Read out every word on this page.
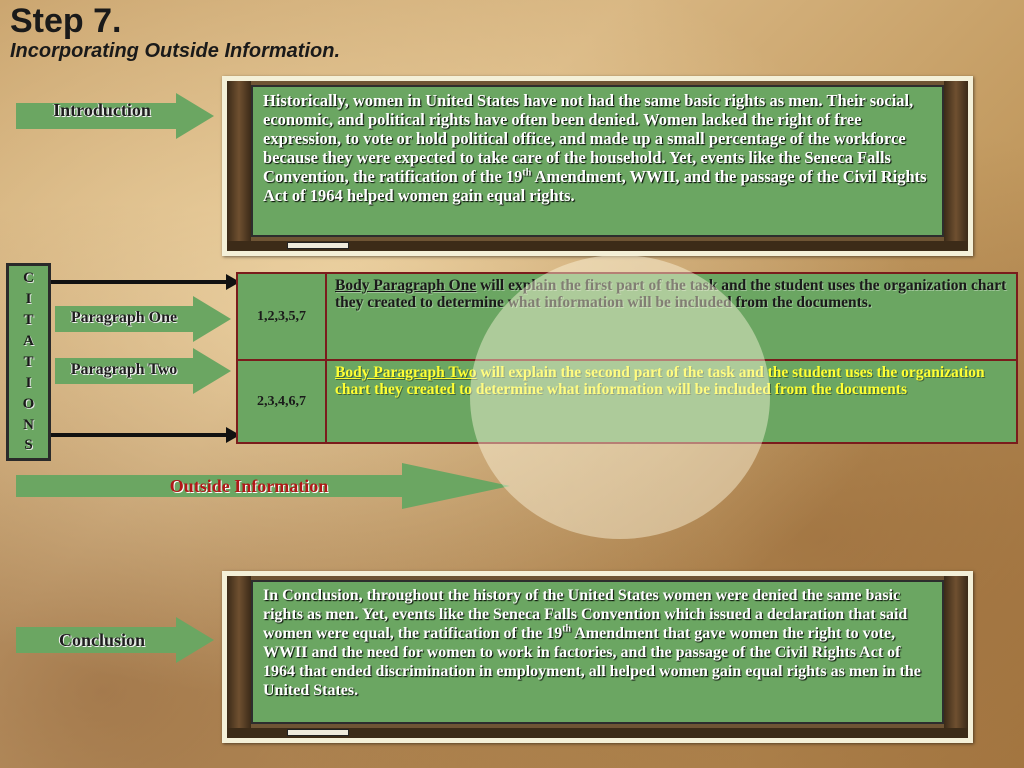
Step 7.
Incorporating Outside Information.
Introduction	Historically, women in United States have not had the same basic rights as men. Their social, economic, and political rights have often been denied. Women lacked the right of free expression, to vote or hold political office, and made up a small percentage of the workforce because they were expected to take care of the household. Yet, events like the Seneca Falls Convention, the ratification of the 19th Amendment, WWII, and the passage of the Civil Rights Act of 1964 helped women gain equal rights.
C
I
T
A
T
I
O
N
S
Paragraph One
Paragraph Two
1,2,3,5,7
Body Paragraph One will explain the first part of the task and the student uses the organization chart they created to determine what information will be included from the documents.
2,3,4,6,7
Body Paragraph Two will explain the second part of the task and the student uses the organization chart they created to determine what information will be included from the documents
Outside Information
Conclusion
In Conclusion, throughout the history of the United States women were denied the same basic rights as men. Yet, events like the Seneca Falls Convention which issued a declaration that said women were equal, the ratification of the 19th Amendment that gave women the right to vote, WWII and the need for women to work in factories, and the passage of the Civil Rights Act of 1964 that ended discrimination in employment, all helped women gain equal rights as men in the United States.
